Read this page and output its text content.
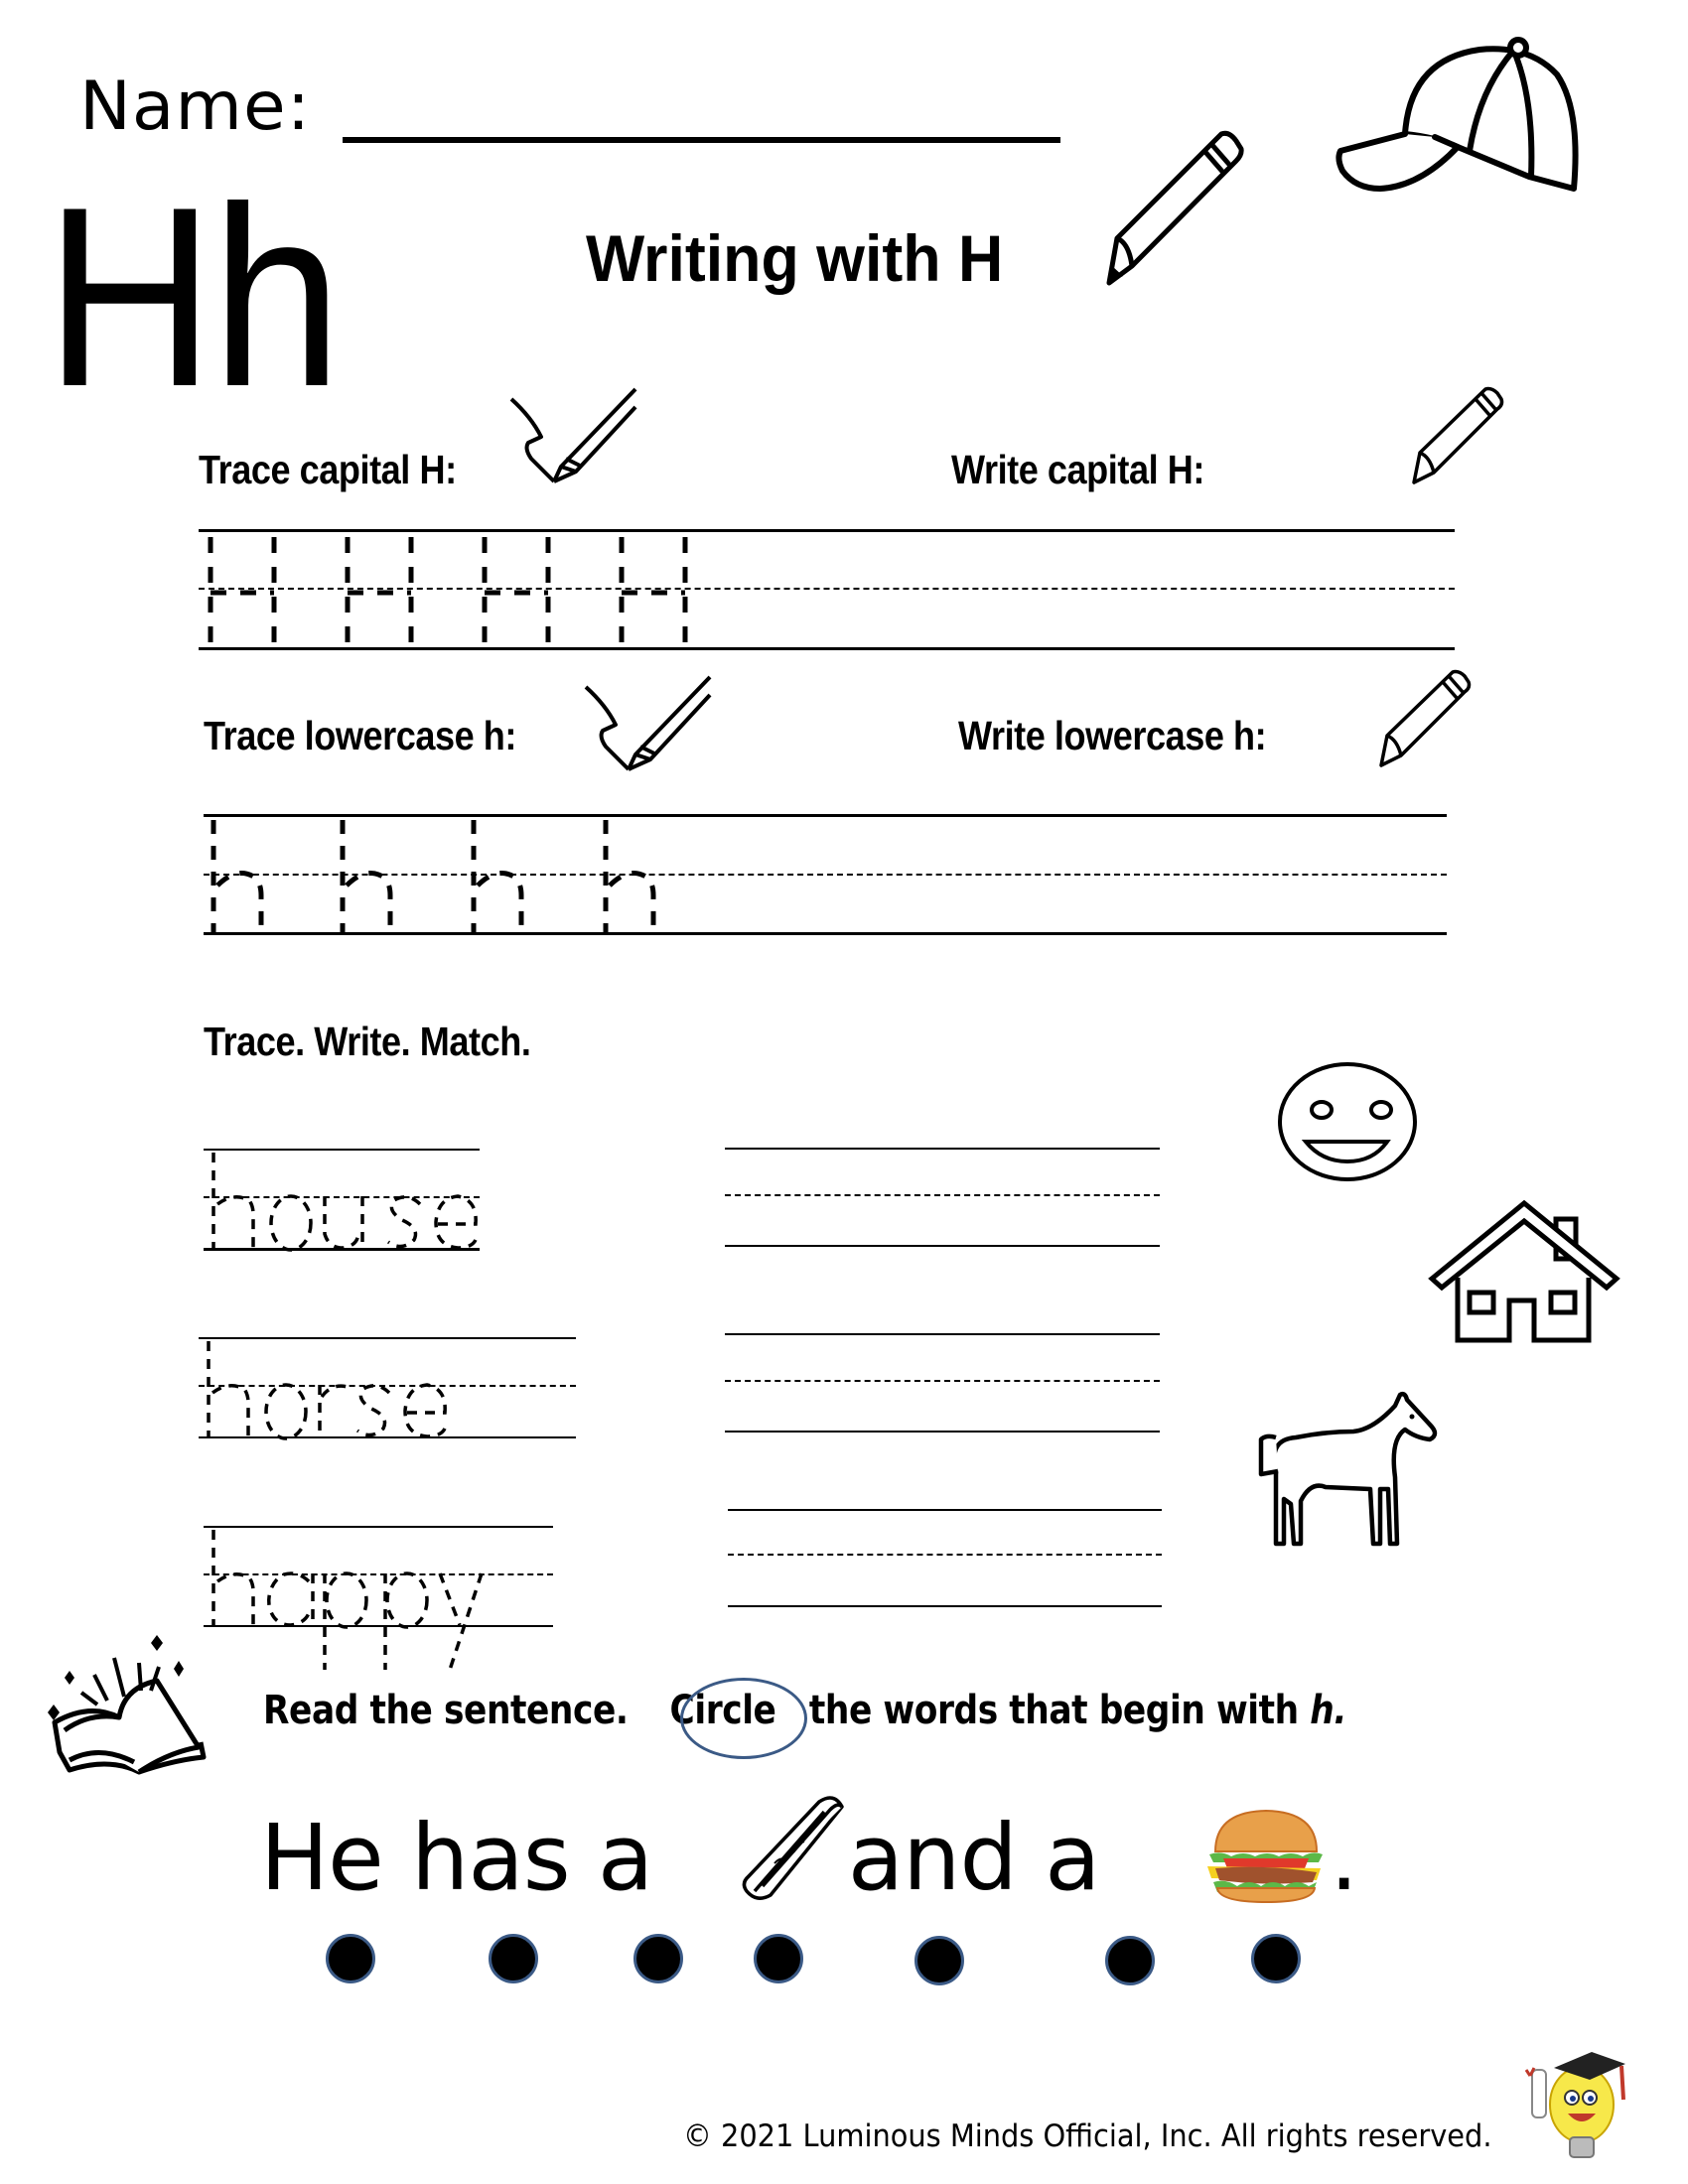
Name:
Hh	Writing with H
Trace capital H:	Write capital H:
Trace lowercase h:	Write lowercase h:
Trace. Write. Match.
Read the sentence. Circle the words that begin with h.
He has a and a	.
© 2021 Luminous Minds Official, Inc. All rights reserved.
